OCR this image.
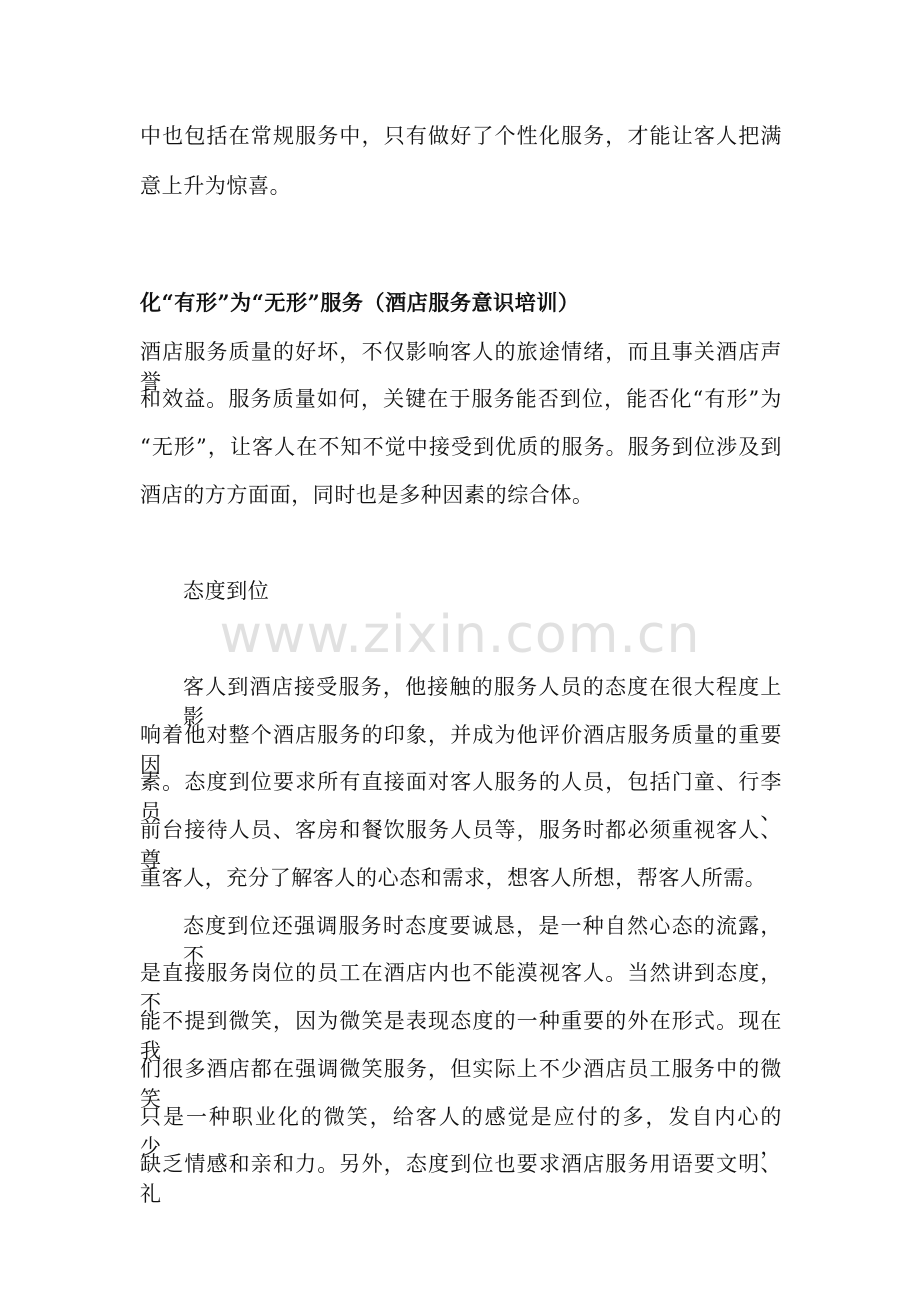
中也包括在常规服务中，只有做好了个性化服务，才能让客人把满
意上升为惊喜。
化“有形”为“无形”服务（酒店服务意识培训）
酒店服务质量的好坏，不仅影响客人的旅途情绪，而且事关酒店声誉
和效益。服务质量如何，关键在于服务能否到位，能否化“有形”为
“无形”，让客人在不知不觉中接受到优质的服务。服务到位涉及到
酒店的方方面面，同时也是多种因素的综合体。
态度到位
www.zixin.com.cn
客人到酒店接受服务，他接触的服务人员的态度在很大程度上影
响着他对整个酒店服务的印象，并成为他评价酒店服务质量的重要因
素。态度到位要求所有直接面对客人服务的人员，包括门童、行李员、
前台接待人员、客房和餐饮服务人员等，服务时都必须重视客人、尊
重客人，充分了解客人的心态和需求，想客人所想，帮客人所需。
态度到位还强调服务时态度要诚恳，是一种自然心态的流露，不
是直接服务岗位的员工在酒店内也不能漠视客人。当然讲到态度，不
能不提到微笑，因为微笑是表现态度的一种重要的外在形式。现在我
们很多酒店都在强调微笑服务，但实际上不少酒店员工服务中的微笑
只是一种职业化的微笑，给客人的感觉是应付的多，发自内心的少，
缺乏情感和亲和力。另外，态度到位也要求酒店服务用语要文明、礼
